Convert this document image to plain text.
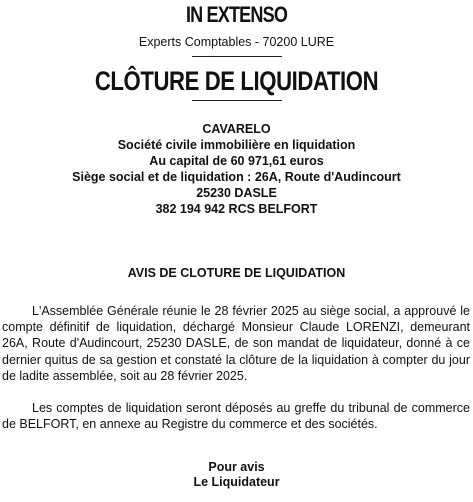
IN EXTENSO
Experts Comptables - 70200 LURE
CLÔTURE DE LIQUIDATION
CAVARELO
Société civile immobilière en liquidation
Au capital de 60 971,61 euros
Siège social et de liquidation : 26A, Route d'Audincourt
25230 DASLE
382 194 942 RCS BELFORT
AVIS DE CLOTURE DE LIQUIDATION
L'Assemblée Générale réunie le 28 février 2025 au siège social, a approuvé le compte définitif de liquidation, déchargé Monsieur Claude LORENZI, demeurant 26A, Route d'Audincourt, 25230 DASLE, de son mandat de liquidateur, donné à ce dernier quitus de sa gestion et constaté la clôture de la liquidation à compter du jour de ladite assemblée, soit au 28 février 2025.
Les comptes de liquidation seront déposés au greffe du tribunal de commerce de BELFORT, en annexe au Registre du commerce et des sociétés.
Pour avis
Le Liquidateur
